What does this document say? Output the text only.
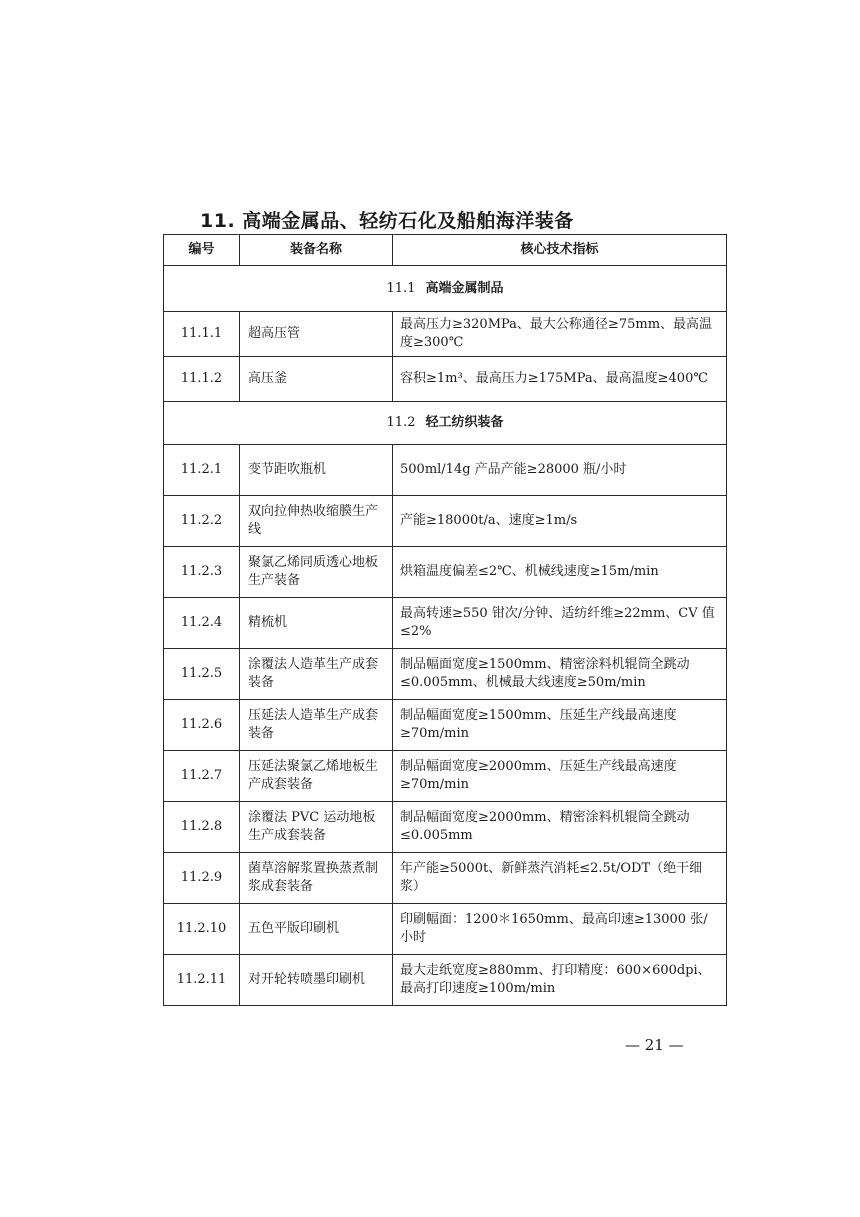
11. 高端金属品、轻纺石化及船舶海洋装备
编号	装备名称	核心技术指标
11.1 高端金属制品		
11.1.1	超高压管	最高压力≥320MPa、最大公称通径≥75mm、最高温度≥300℃
11.1.2	高压釜	容积≥1m³、最高压力≥175MPa、最高温度≥400℃
11.2 轻工纺织装备		
11.2.1	变节距吹瓶机	500ml/14g 产品产能≥28000 瓶/小时
11.2.2	双向拉伸热收缩膜生产线	产能≥18000t/a、速度≥1m/s
11.2.3	聚氯乙烯同质透心地板生产装备	烘箱温度偏差≤2℃、机械线速度≥15m/min
11.2.4	精梳机	最高转速≥550 钳次/分钟、适纺纤维≥22mm、CV 值≤2%
11.2.5	涂覆法人造革生产成套装备	制品幅面宽度≥1500mm、精密涂料机辊筒全跳动≤0.005mm、机械最大线速度≥50m/min
11.2.6	压延法人造革生产成套装备	制品幅面宽度≥1500mm、压延生产线最高速度≥70m/min
11.2.7	压延法聚氯乙烯地板生产成套装备	制品幅面宽度≥2000mm、压延生产线最高速度≥70m/min
11.2.8	涂覆法 PVC 运动地板生产成套装备	制品幅面宽度≥2000mm、精密涂料机辊筒全跳动≤0.005mm
11.2.9	菌草溶解浆置换蒸煮制浆成套装备	年产能≥5000t、新鲜蒸汽消耗≤2.5t/ODT（绝干细浆）
11.2.10	五色平版印刷机	印刷幅面：1200＊1650mm、最高印速≥13000 张/小时
11.2.11	对开轮转喷墨印刷机	最大走纸宽度≥880mm、打印精度：600×600dpi、最高打印速度≥100m/min
— 21 —
